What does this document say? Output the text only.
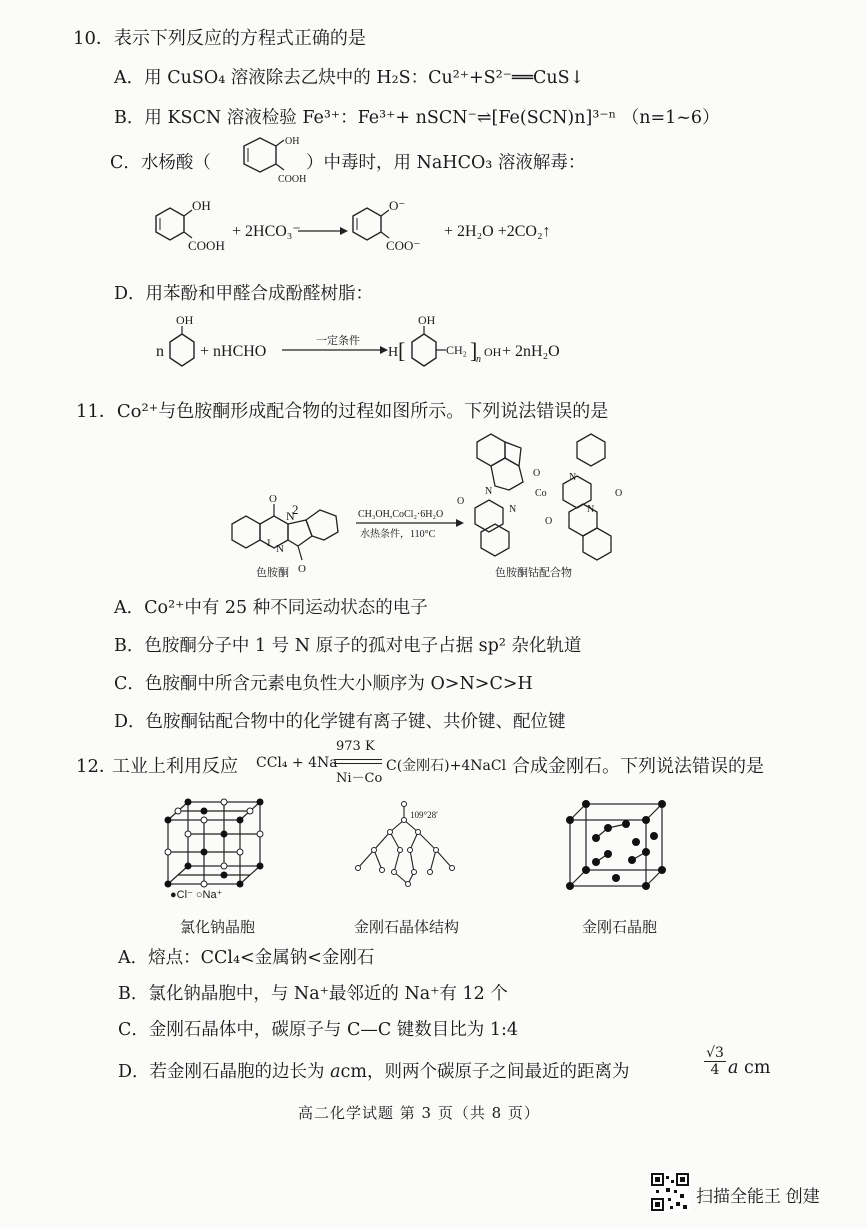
10．表示下列反应的方程式正确的是
A．用 CuSO₄ 溶液除去乙炔中的 H₂S：Cu²⁺+S²⁻══CuS↓
B．用 KSCN 溶液检验 Fe³⁺：Fe³⁺+ nSCN⁻⇌[Fe(SCN)n]³⁻ⁿ （n=1~6）
C．水杨酸（
OH
COOH
）中毒时，用 NaHCO₃ 溶液解毒：
OH
COOH
+ 2HCO₃⁻
O⁻
COO⁻
+ 2H₂O +2CO₂↑
D．用苯酚和甲醛合成酚醛树脂：
n
OH
+ nHCHO
一定条件
H [
OH
CH₂ ]
n
OH + 2nH₂O
11．Co²⁺与色胺酮形成配合物的过程如图所示。下列说法错误的是
O
N
2
N
1
O
色胺酮
CH₃OH,CoCl₂·6H₂O
水热条件，110°C
N
O
Co
N
O
N
O
O
N
色胺酮钴配合物
A．Co²⁺中有 25 种不同运动状态的电子
B．色胺酮分子中 1 号 N 原子的孤对电子占据 sp² 杂化轨道
C．色胺酮中所含元素电负性大小顺序为 O>N>C>H
D．色胺酮钴配合物中的化学键有离子键、共价键、配位键
12．
工业上利用反应 CCl₄ + 4Na
973 K
Ni－Co
C(金刚石)+4NaCl 合成金刚石。下列说法错误的是
●Cl⁻ ○Na⁺
109°28′
氯化钠晶胞	金刚石晶体结构	金刚石晶胞
A．熔点：CCl₄<金属钠<金刚石
B．氯化钠晶胞中，与 Na⁺最邻近的 Na⁺有 12 个
C．金刚石晶体中，碳原子与 C—C 键数目比为 1:4
D．若金刚石晶胞的边长为 acm，则两个碳原子之间最近的距离为	$\frac{√3}{4}$ a cm
高二化学试题 第 3 页（共 8 页）
扫描全能王 创建
